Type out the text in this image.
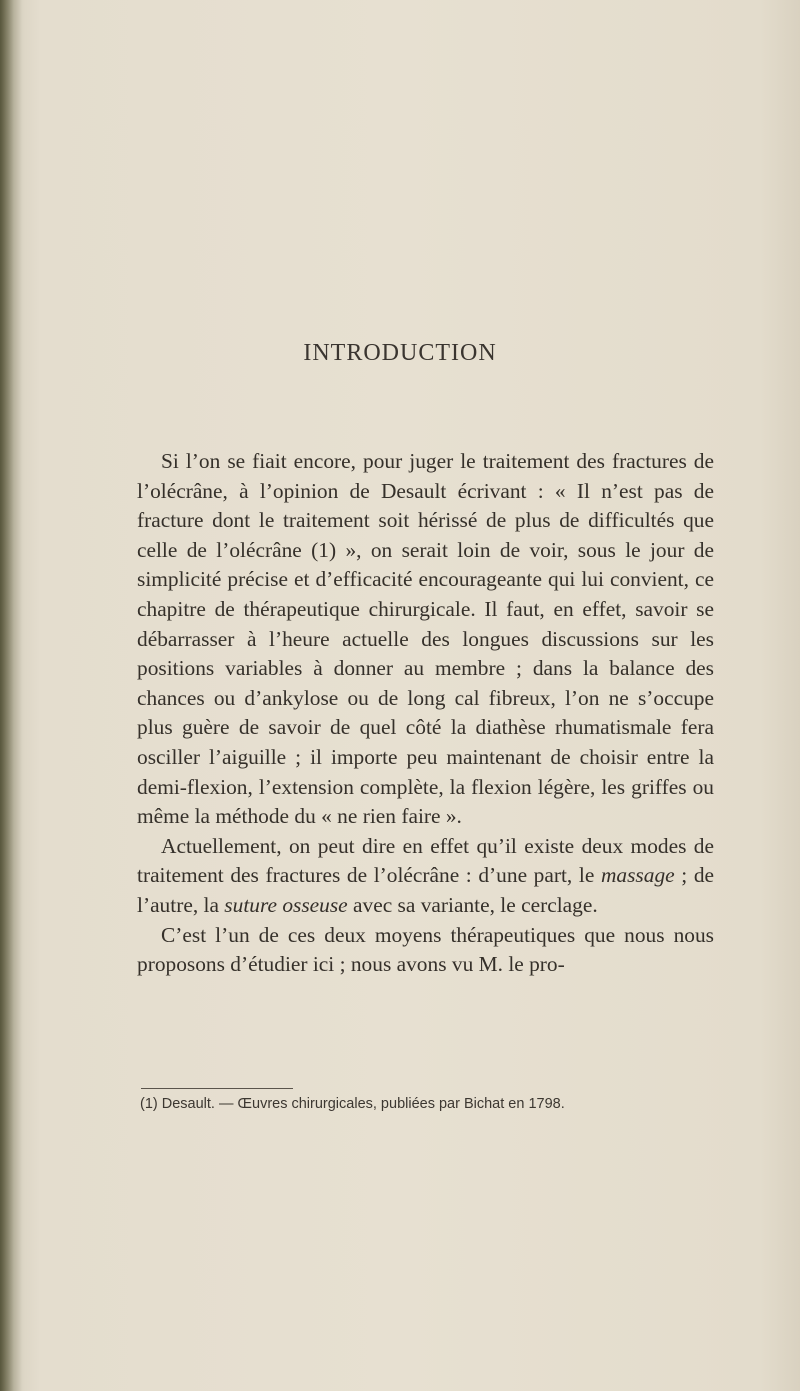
INTRODUCTION

Si l’on se fiait encore, pour juger le traitement des fractures de l’olécrâne, à l’opinion de Desault écrivant : « Il n’est pas de fracture dont le traitement soit hérissé de plus de difficultés que celle de l’olécrâne (1) », on serait loin de voir, sous le jour de simplicité précise et d’efficacité encourageante qui lui convient, ce chapitre de thérapeutique chirurgicale. Il faut, en effet, savoir se débarrasser à l’heure actuelle des longues discussions sur les positions variables à donner au membre ; dans la balance des chances ou d’ankylose ou de long cal fibreux, l’on ne s’occupe plus guère de savoir de quel côté la diathèse rhumatismale fera osciller l’aiguille ; il importe peu maintenant de choisir entre la demi-flexion, l’extension complète, la flexion légère, les griffes ou même la méthode du « ne rien faire ».

Actuellement, on peut dire en effet qu’il existe deux modes de traitement des fractures de l’olécrâne : d’une part, le massage ; de l’autre, la suture osseuse avec sa variante, le cerclage.

C’est l’un de ces deux moyens thérapeutiques que nous nous proposons d’étudier ici ; nous avons vu M. le pro-

(1) Desault. — Œuvres chirurgicales, publiées par Bichat en 1798.
